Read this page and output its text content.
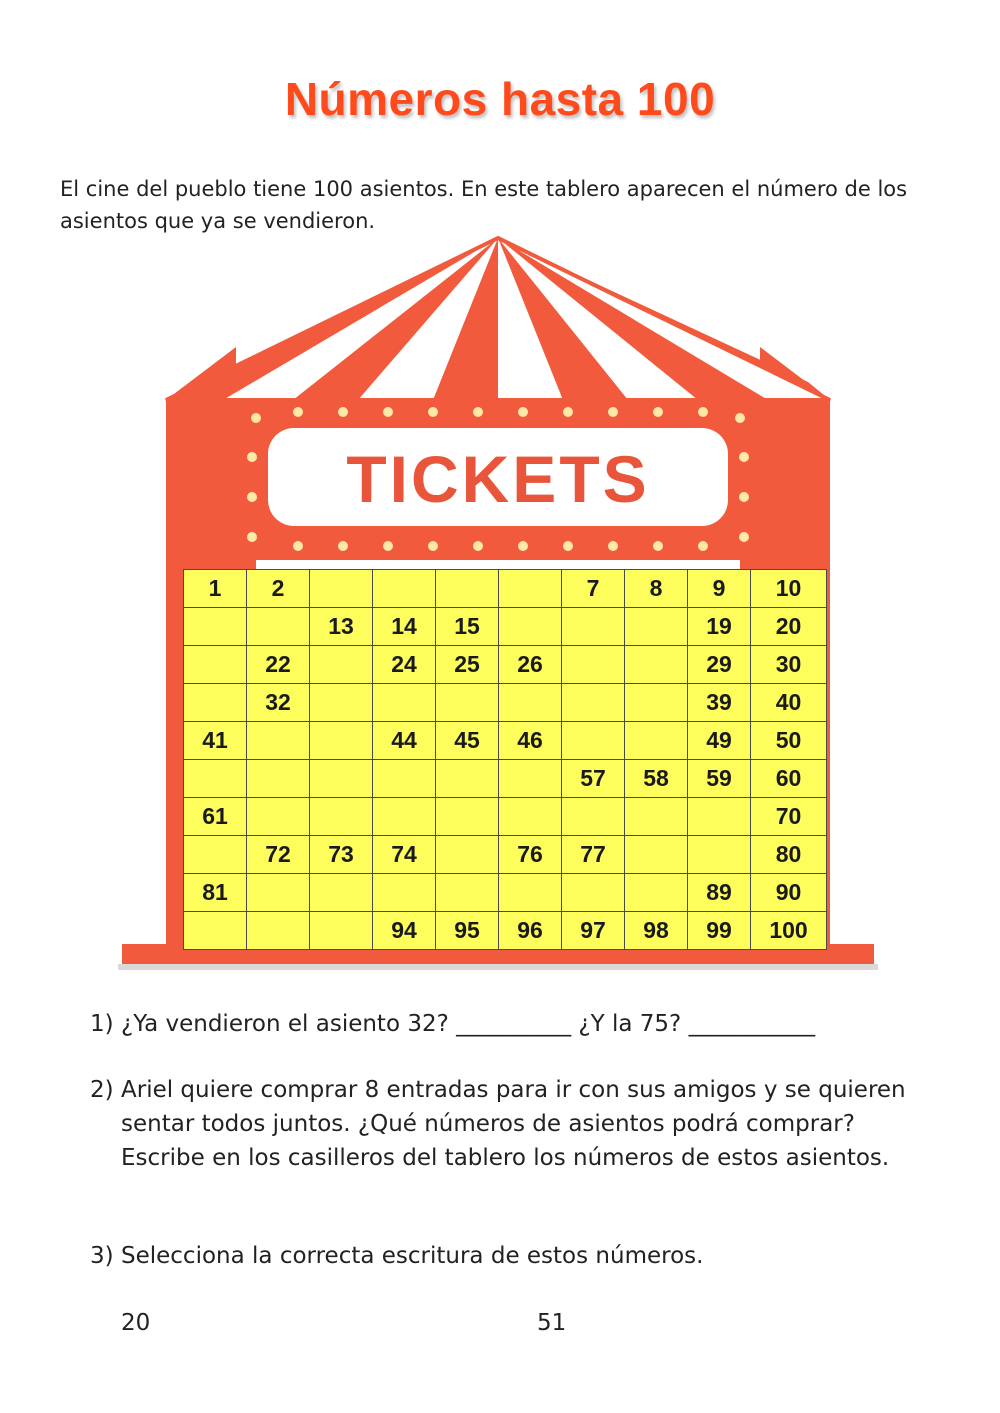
Números hasta 100
El cine del pueblo tiene 100 asientos. En este tablero aparecen el número de los asientos que ya se vendieron.
TICKETS
1	2					7	8	9	10
		13	14	15				19	20
	22		24	25	26			29	30
	32							39	40
41			44	45	46			49	50
						57	58	59	60
61									70
	72	73	74		76	77			80
81								89	90
			94	95	96	97	98	99	100
1) ¿Ya vendieron el asiento 32? __________ ¿Y la 75? ___________
2) Ariel quiere comprar 8 entradas para ir con sus amigos y se quieren sentar todos juntos. ¿Qué números de asientos podrá comprar? Escribe en los casilleros del tablero los números de estos asientos.
3) Selecciona la correcta escritura de estos números.
20	51
